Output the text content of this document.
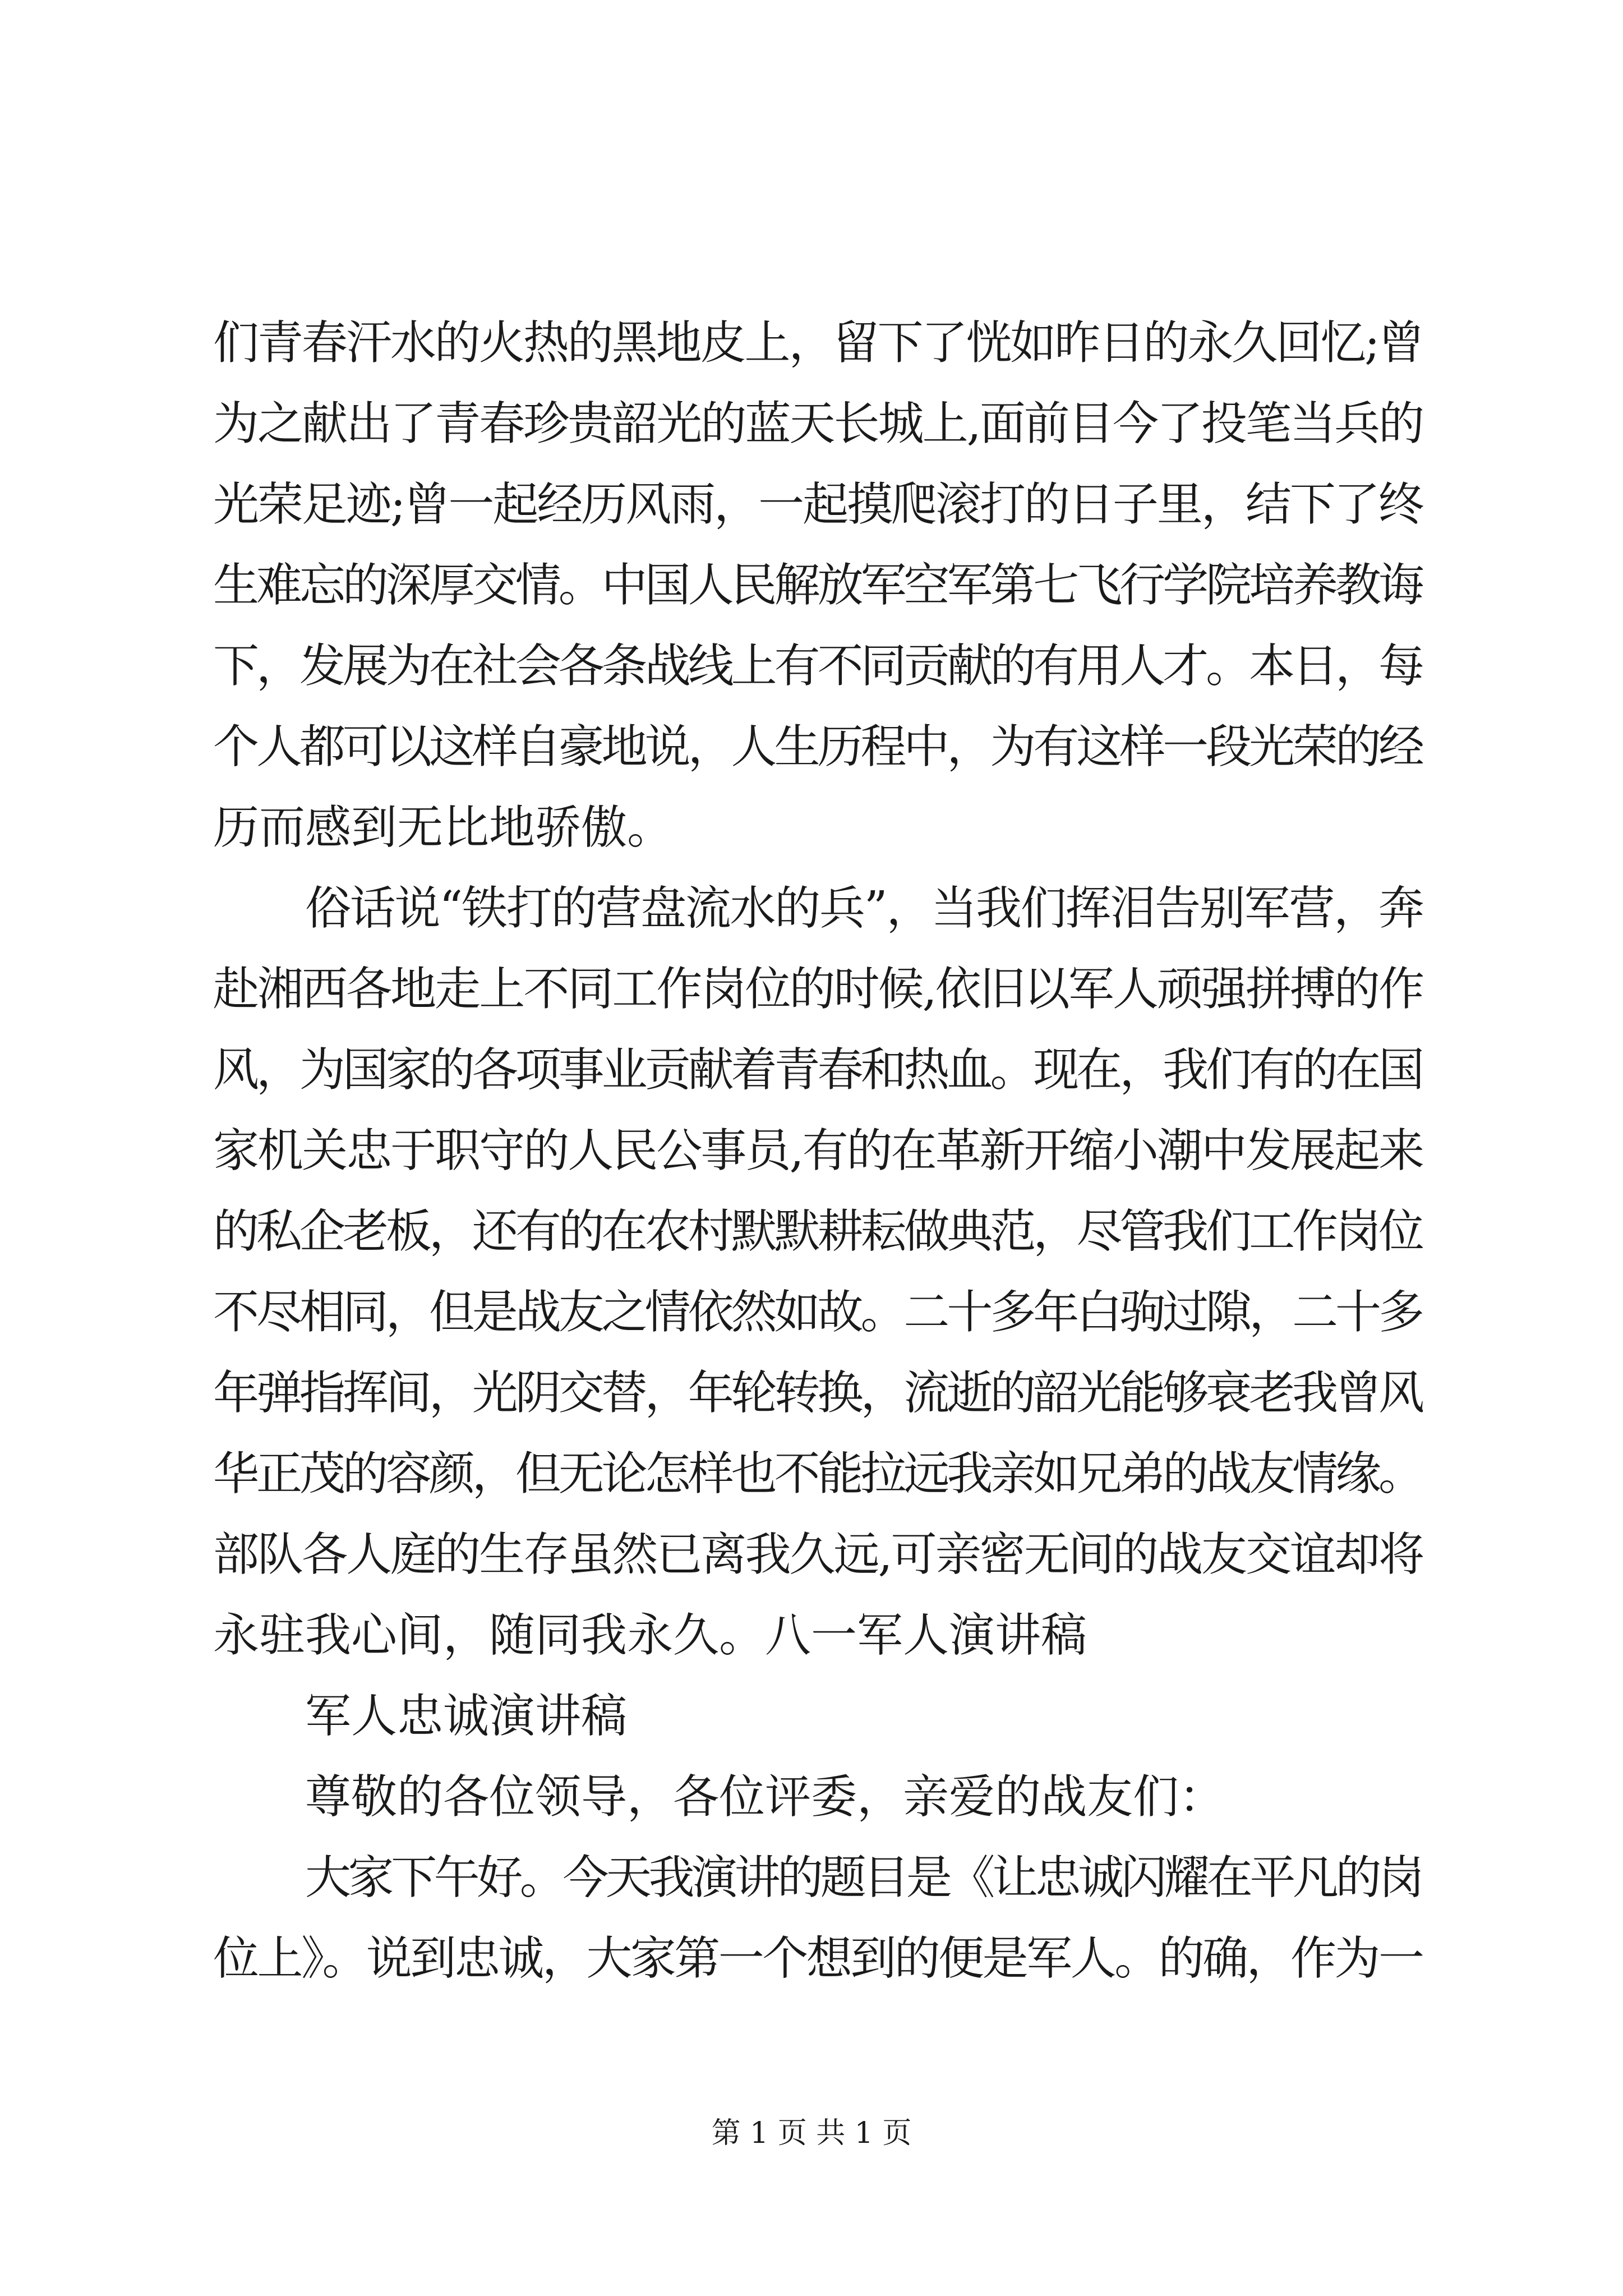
们青春汗水的火热的黑地皮上，留下了恍如昨日的永久回忆;曾
为之献出了青春珍贵韶光的蓝天长城上,面前目今了投笔当兵的
光荣足迹;曾一起经历风雨，一起摸爬滚打的日子里，结下了终
生难忘的深厚交情。中国人民解放军空军第七飞行学院培养教诲
下，发展为在社会各条战线上有不同贡献的有用人才。本日，每
个人都可以这样自豪地说，人生历程中，为有这样一段光荣的经
历而感到无比地骄傲。
俗话说“铁打的营盘流水的兵”，当我们挥泪告别军营，奔
赴湘西各地走上不同工作岗位的时候,依旧以军人顽强拼搏的作
风，为国家的各项事业贡献着青春和热血。现在，我们有的在国
家机关忠于职守的人民公事员,有的在革新开缩小潮中发展起来
的私企老板，还有的在农村默默耕耘做典范，尽管我们工作岗位
不尽相同，但是战友之情依然如故。二十多年白驹过隙，二十多
年弹指挥间，光阴交替，年轮转换，流逝的韶光能够衰老我曾风
华正茂的容颜，但无论怎样也不能拉远我亲如兄弟的战友情缘。
部队各人庭的生存虽然已离我久远,可亲密无间的战友交谊却将
永驻我心间，随同我永久。八一军人演讲稿
军人忠诚演讲稿
尊敬的各位领导，各位评委，亲爱的战友们：
大家下午好。今天我演讲的题目是《让忠诚闪耀在平凡的岗
位上》。说到忠诚，大家第一个想到的便是军人。的确，作为一
第 1 页 共 1 页
